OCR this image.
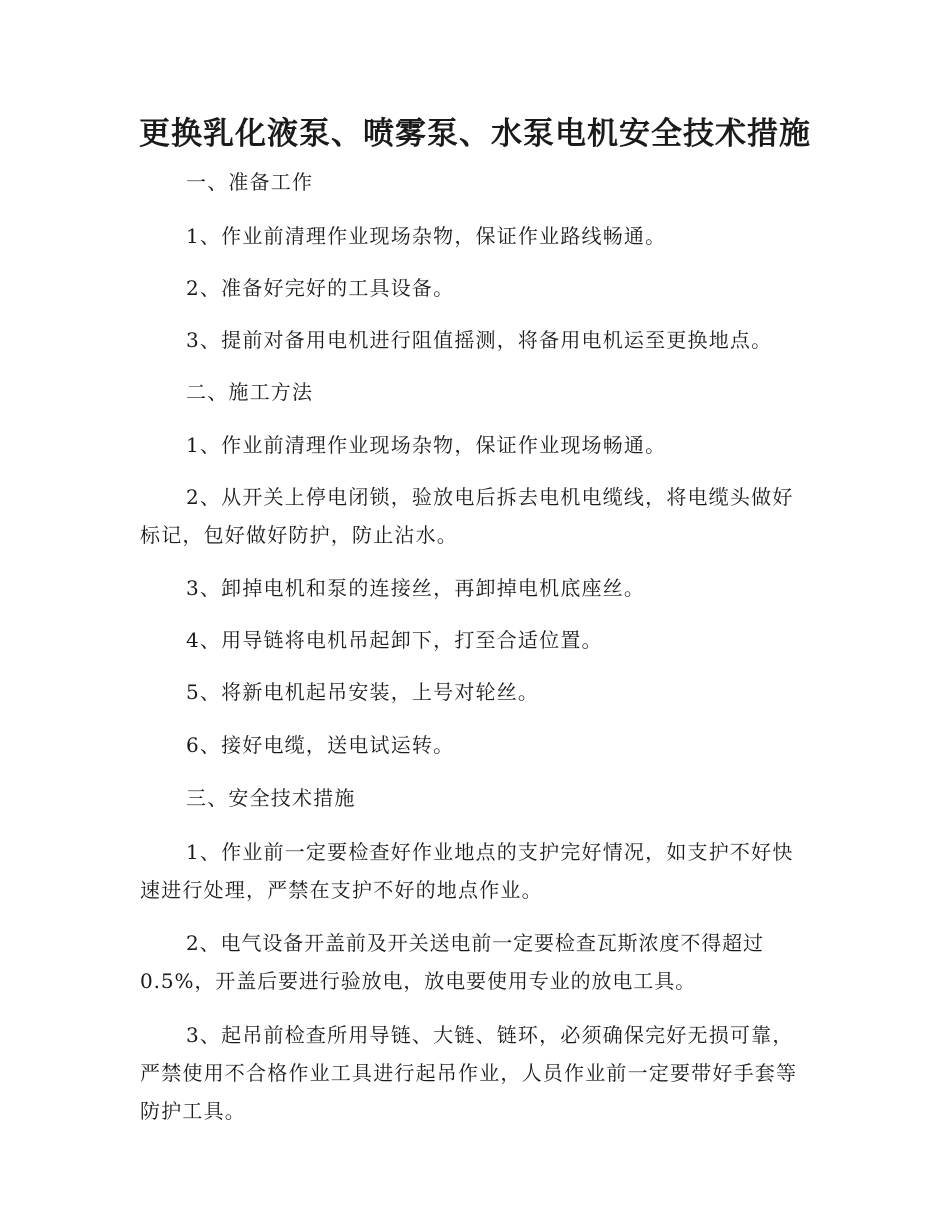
更换乳化液泵、喷雾泵、水泵电机安全技术措施
一、准备工作
1、作业前清理作业现场杂物，保证作业路线畅通。
2、准备好完好的工具设备。
3、提前对备用电机进行阻值摇测，将备用电机运至更换地点。
二、施工方法
1、作业前清理作业现场杂物，保证作业现场畅通。
2、从开关上停电闭锁，验放电后拆去电机电缆线，将电缆头做好标记，包好做好防护，防止沾水。
3、卸掉电机和泵的连接丝，再卸掉电机底座丝。
4、用导链将电机吊起卸下，打至合适位置。
5、将新电机起吊安装，上号对轮丝。
6、接好电缆，送电试运转。
三、安全技术措施
1、作业前一定要检查好作业地点的支护完好情况，如支护不好快速进行处理，严禁在支护不好的地点作业。
2、电气设备开盖前及开关送电前一定要检查瓦斯浓度不得超过0.5%，开盖后要进行验放电，放电要使用专业的放电工具。
3、起吊前检查所用导链、大链、链环，必须确保完好无损可靠，严禁使用不合格作业工具进行起吊作业，人员作业前一定要带好手套等防护工具。
